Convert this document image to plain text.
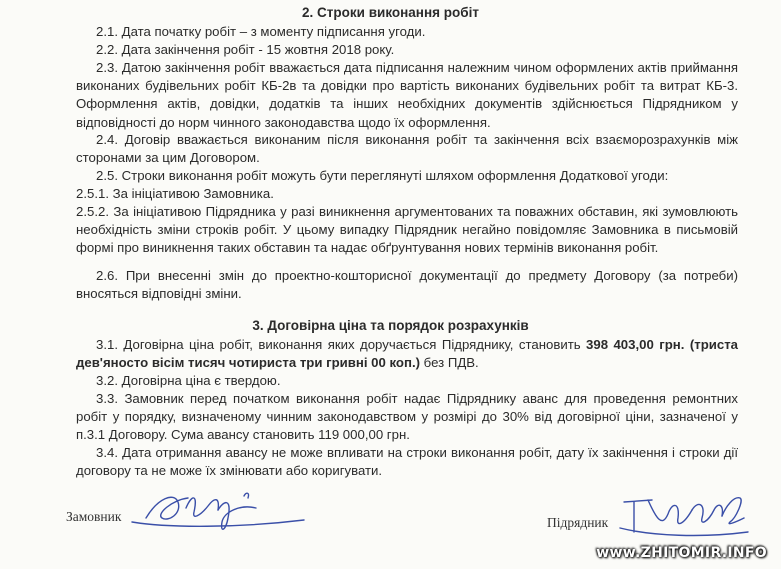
2. Строки виконання робіт
2.1. Дата початку робіт – з моменту підписання угоди.
2.2. Дата закінчення робіт - 15 жовтня 2018 року.
2.3. Датою закінчення робіт вважається дата підписання належним чином оформлених актів приймання виконаних будівельних робіт КБ-2в та довідки про вартість виконаних будівельних робіт та витрат КБ-3. Оформлення актів, довідки, додатків та інших необхідних документів здійснюється Підрядником у відповідності до норм чинного законодавства щодо їх оформлення.
2.4. Договір вважається виконаним після виконання робіт та закінчення всіх взаєморозрахунків між сторонами за цим Договором.
2.5. Строки виконання робіт можуть бути переглянуті шляхом оформлення Додаткової угоди:
2.5.1. За ініціативою Замовника.
2.5.2. За ініціативою Підрядника у разі виникнення аргументованих та поважних обставин, які зумовлюють необхідність зміни строків робіт. У цьому випадку Підрядник негайно повідомляє Замовника в письмовій формі про виникнення таких обставин та надає обґрунтування нових термінів виконання робіт.
2.6. При внесенні змін до проектно-кошторисної документації до предмету Договору (за потреби) вносяться відповідні зміни.
3. Договірна ціна та порядок розрахунків
3.1. Договірна ціна робіт, виконання яких доручається Підряднику, становить 398 403,00 грн. (триста дев'яносто вісім тисяч чотириста три гривні 00 коп.) без ПДВ.
3.2. Договірна ціна є твердою.
3.3. Замовник перед початком виконання робіт надає Підряднику аванс для проведення ремонтних робіт у порядку, визначеному чинним законодавством у розмірі до 30% від договірної ціни, зазначеної у п.3.1 Договору. Сума авансу становить 119 000,00 грн.
3.4. Дата отримання авансу не може впливати на строки виконання робіт, дату їх закінчення і строки дії договору та не може їх змінювати або коригувати.
Замовник	Підрядник
www.ZHITOMIR.INFO
